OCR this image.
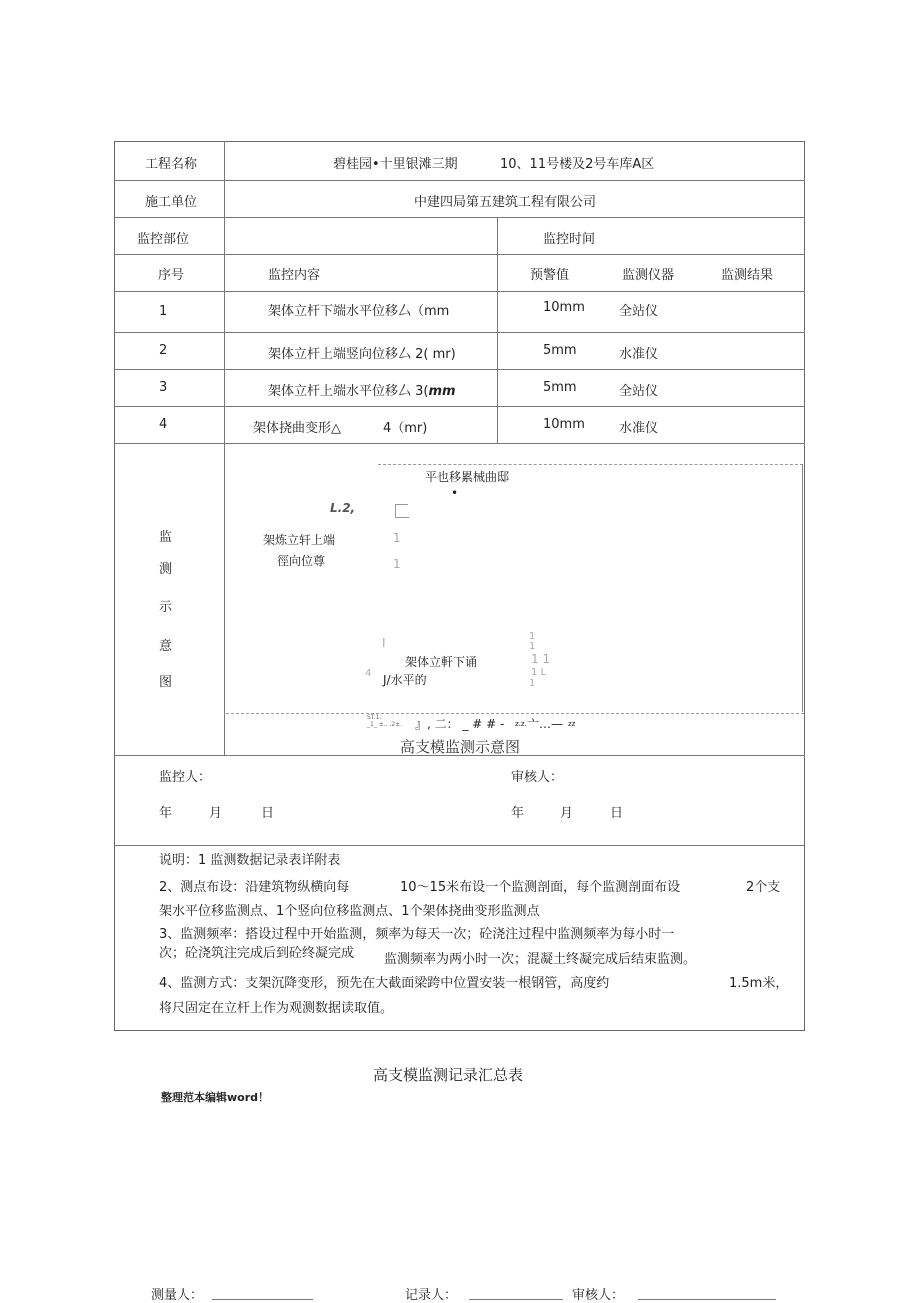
工程名称	碧桂园•十里银滩三期	10、11号楼及2号车库A区
施工单位	中建四局第五建筑工程有限公司
监控部位	监控时间
序号	监控内容	预警值	监测仪器	监测结果
1	架体立杆下端水平位移厶（mm	10mm	全站仪
2	架体立杆上端竖向位移厶 2( mr)	5mm	水准仪
3	架体立杆上端水平位移厶 3(mm	5mm	全站仪
4	架体挠曲变形△	4（mr)	10mm	水准仪
监
测
示
意
图
平也移累械曲邸
•
L.2,
架炼立轩上端
徑向位尊
1
1
I	1
1
1 1
1 L
1
架体立軒下诵
J/水平的
4
ST.1.
_1_ ±.. .2±. 』, 二： _ # # - z.z. 亠…— zz
高支模监测示意图
监控人：	审核人：
年	月	日	年	月	日
说明：1 监测数据记录表详附表
2、测点布设：沿建筑物纵横向每	10～15米布设一个监测剖面，每个监测剖面布设	2个支
架水平位移监测点、1个竖向位移监测点、1个架体挠曲变形监测点
3、监测频率：搭设过程中开始监测，频率为每天一次；砼浇注过程中监测频率为每小时一
次；砼浇筑注完成后到砼终凝完成 监测频率为两小时一次；混凝土终凝完成后结束监测。
4、监测方式：支架沉降变形，预先在大截面梁跨中位置安装一根钢管，高度约	1.5m米，
将尺固定在立杆上作为观测数据读取值。
高支模监测记录汇总表
整理范本编辑word！
测量人：	记录人：	审核人：
